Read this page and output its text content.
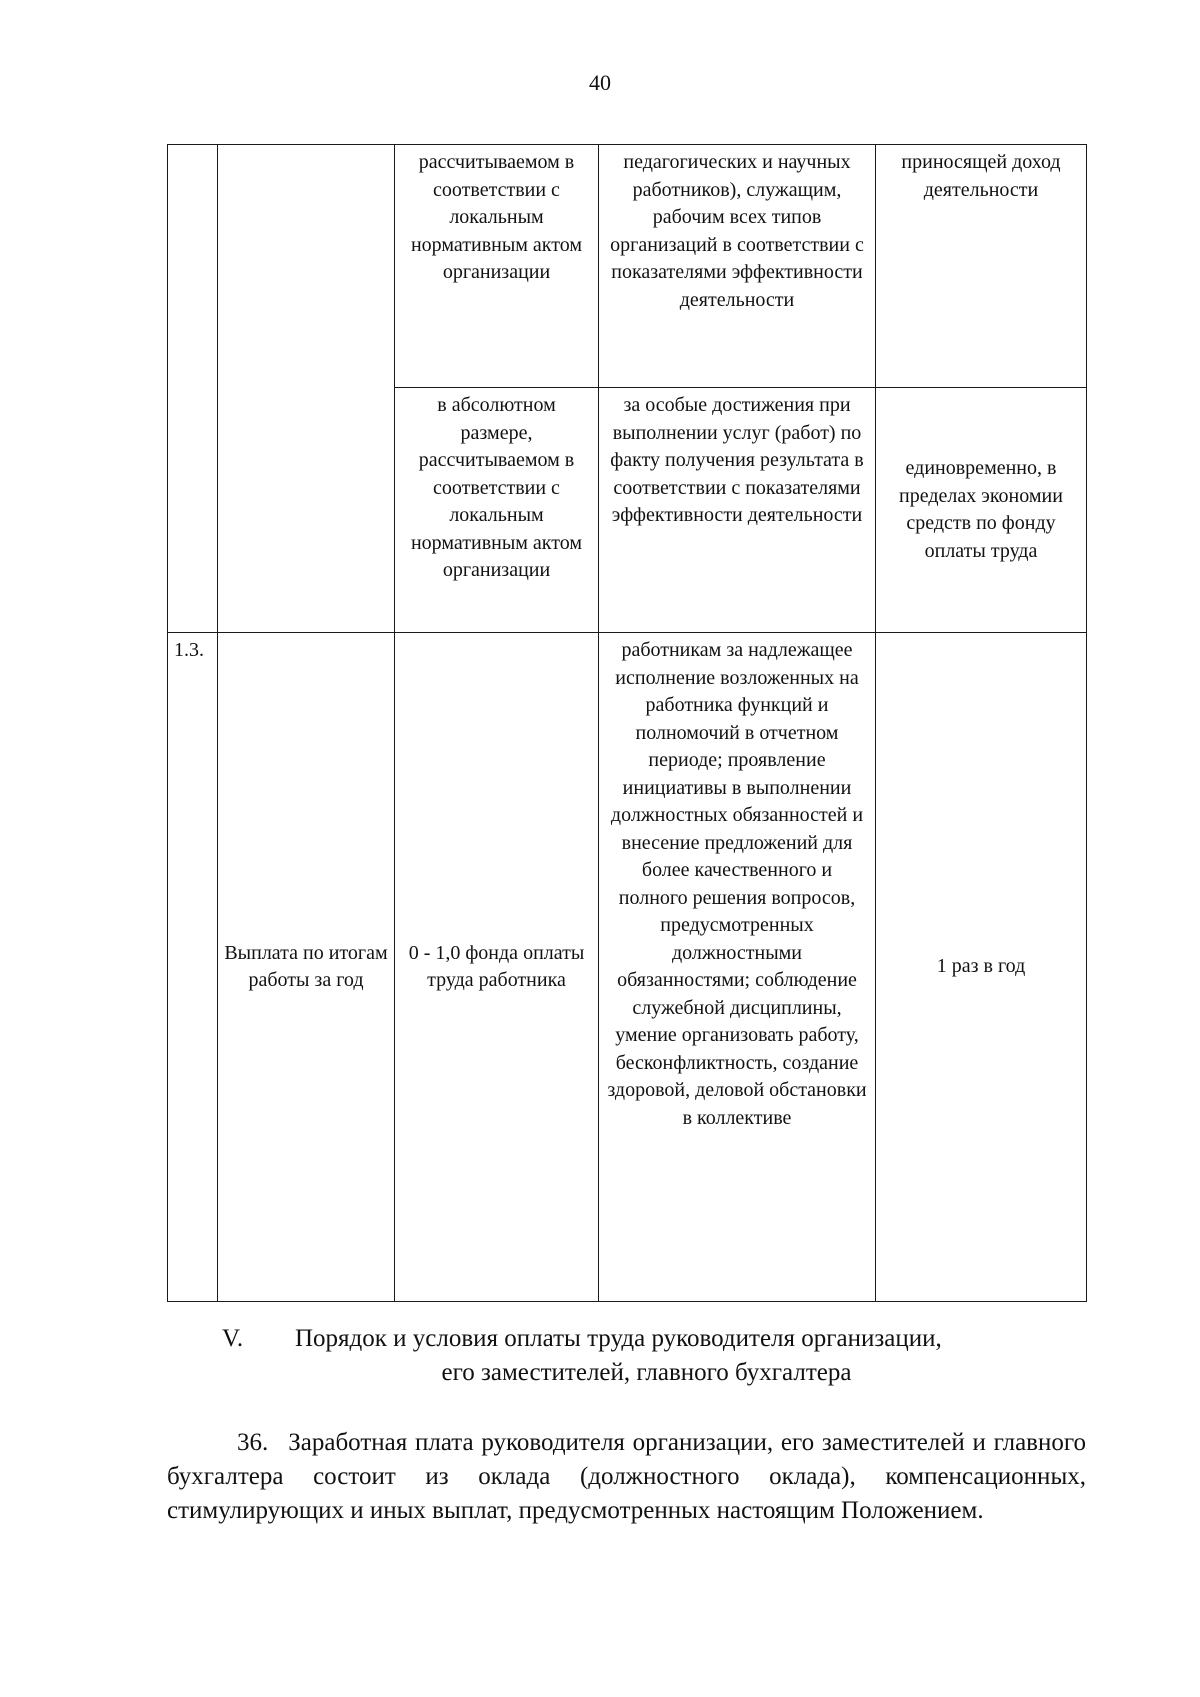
40
		рассчитываемом в соответствии с локальным нормативным актом организации	педагогических и научных работников), служащим, рабочим всех типов организаций в соответствии с показателями эффективности деятельности	приносящей доход деятельности
		в абсолютном размере, рассчитываемом в соответствии с локальным нормативным актом организации	за особые достижения при выполнении услуг (работ) по факту получения результата в соответствии с показателями эффективности деятельности	единовременно, в пределах экономии средств по фонду оплаты труда
1.3.	Выплата по итогам работы за год	0 - 1,0 фонда оплаты труда работника	работникам за надлежащее исполнение возложенных на работника функций и полномочий в отчетном периоде; проявление инициативы в выполнении должностных обязанностей и внесение предложений для более качественного и полного решения вопросов, предусмотренных должностными обязанностями; соблюдение служебной дисциплины, умение организовать работу, бесконфликтность, создание здоровой, деловой обстановки в коллективе	1 раз в год
V.	Порядок и условия оплаты труда руководителя организации,
его заместителей, главного бухгалтера

36. Заработная плата руководителя организации, его заместителей и главного бухгалтера состоит из оклада (должностного оклада), компенсационных, стимулирующих и иных выплат, предусмотренных настоящим Положением.
